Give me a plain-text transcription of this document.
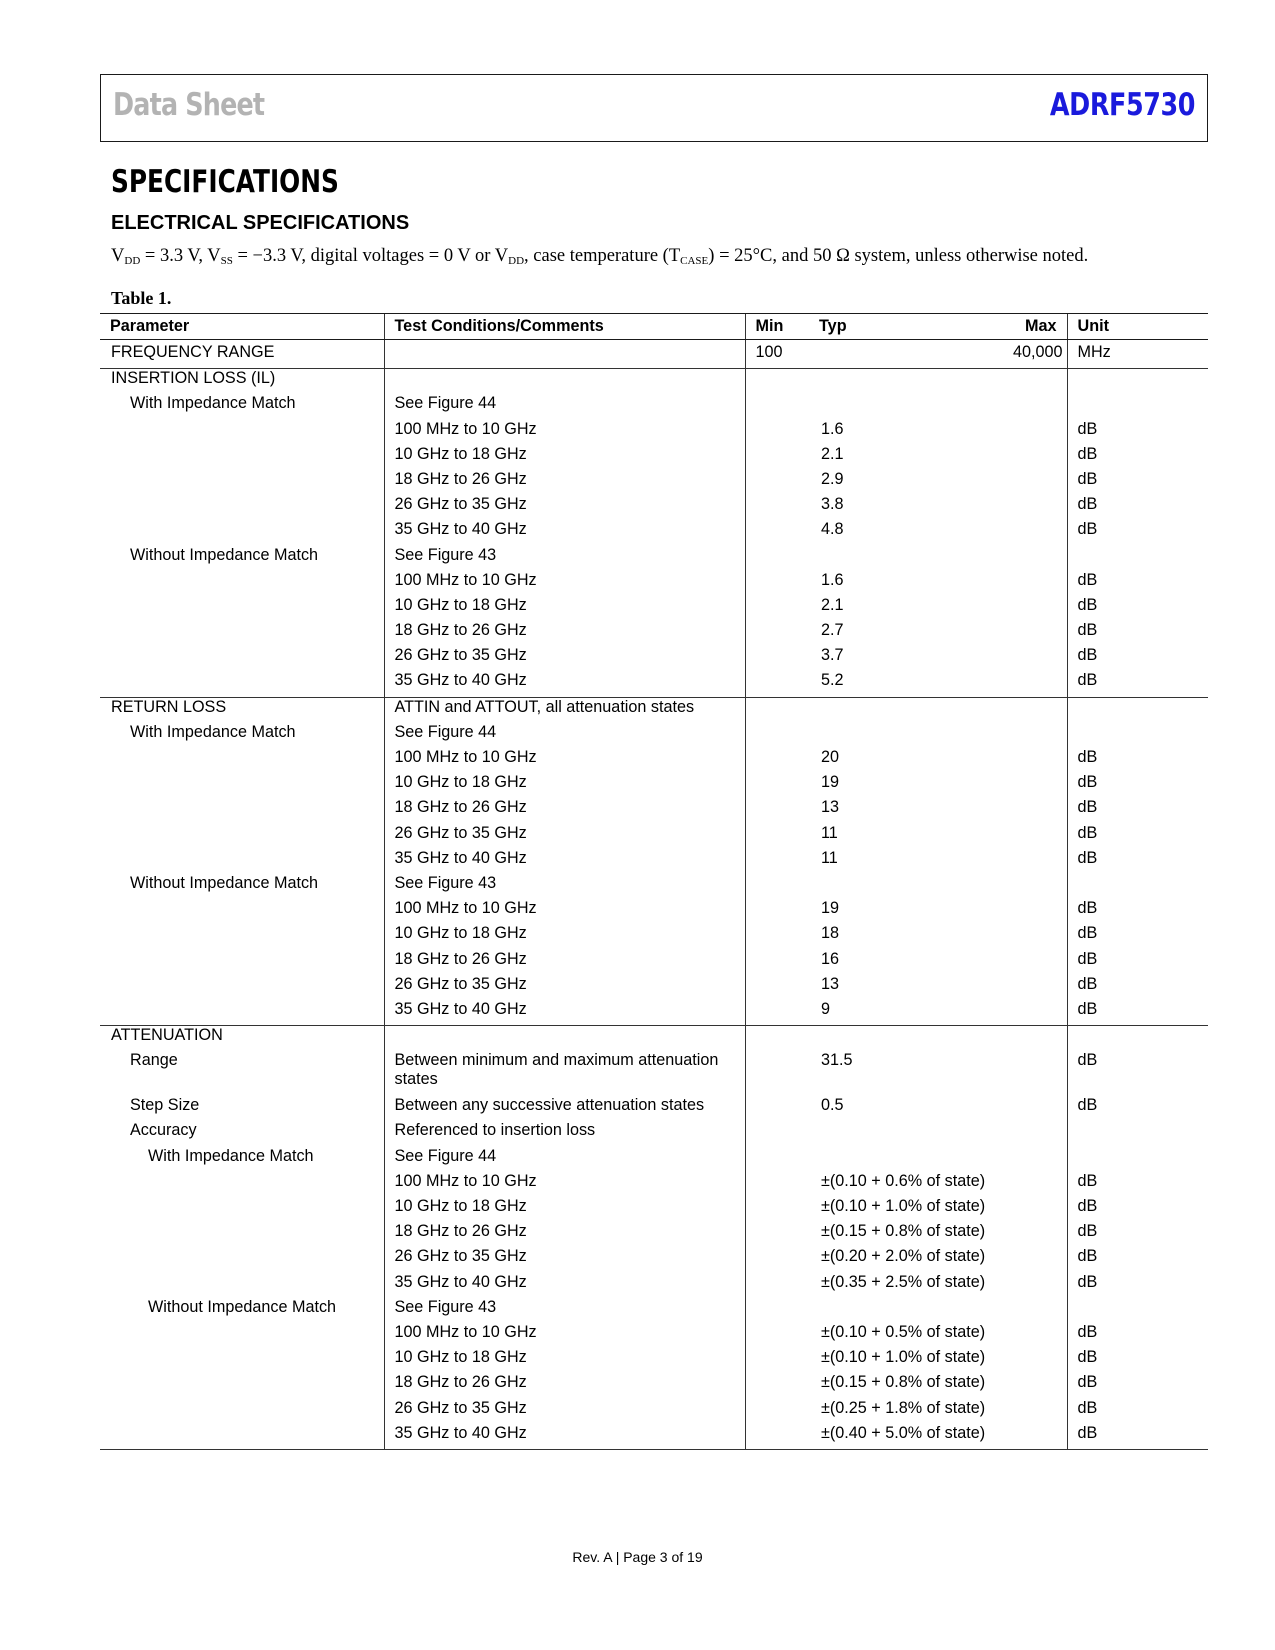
Data Sheet	ADRF5730
SPECIFICATIONS
ELECTRICAL SPECIFICATIONS
$V_{DD} = 3.3$ V, $V_{SS} = -3.3$ V, digital voltages = 0 V or $V_{DD}$, case temperature $(T_{CASE}) = 25^\circ C$, and 50 Ω system, unless otherwise noted.
Table 1.
Parameter	Test Conditions/Comments	Min	Typ	Max	Unit
FREQUENCY RANGE		100		40,000	MHz
INSERTION LOSS (IL)					
With Impedance Match	See Figure 44				
	100 MHz to 10 GHz		1.6		dB
	10 GHz to 18 GHz		2.1		dB
	18 GHz to 26 GHz		2.9		dB
	26 GHz to 35 GHz		3.8		dB
	35 GHz to 40 GHz		4.8		dB
Without Impedance Match	See Figure 43				
	100 MHz to 10 GHz		1.6		dB
	10 GHz to 18 GHz		2.1		dB
	18 GHz to 26 GHz		2.7		dB
	26 GHz to 35 GHz		3.7		dB
	35 GHz to 40 GHz		5.2		dB
RETURN LOSS	ATTIN and ATTOUT, all attenuation states				
With Impedance Match	See Figure 44				
	100 MHz to 10 GHz		20		dB
	10 GHz to 18 GHz		19		dB
	18 GHz to 26 GHz		13		dB
	26 GHz to 35 GHz		11		dB
	35 GHz to 40 GHz		11		dB
Without Impedance Match	See Figure 43				
	100 MHz to 10 GHz		19		dB
	10 GHz to 18 GHz		18		dB
	18 GHz to 26 GHz		16		dB
	26 GHz to 35 GHz		13		dB
	35 GHz to 40 GHz		9		dB
ATTENUATION					
Range	Between minimum and maximum attenuation states		31.5		dB
Step Size	Between any successive attenuation states		0.5		dB
Accuracy	Referenced to insertion loss				
With Impedance Match	See Figure 44				
	100 MHz to 10 GHz		±(0.10 + 0.6% of state)		dB
	10 GHz to 18 GHz		±(0.10 + 1.0% of state)		dB
	18 GHz to 26 GHz		±(0.15 + 0.8% of state)		dB
	26 GHz to 35 GHz		±(0.20 + 2.0% of state)		dB
	35 GHz to 40 GHz		±(0.35 + 2.5% of state)		dB
Without Impedance Match	See Figure 43				
	100 MHz to 10 GHz		±(0.10 + 0.5% of state)		dB
	10 GHz to 18 GHz		±(0.10 + 1.0% of state)		dB
	18 GHz to 26 GHz		±(0.15 + 0.8% of state)		dB
	26 GHz to 35 GHz		±(0.25 + 1.8% of state)		dB
	35 GHz to 40 GHz		±(0.40 + 5.0% of state)		dB
Rev. A | Page 3 of 19
